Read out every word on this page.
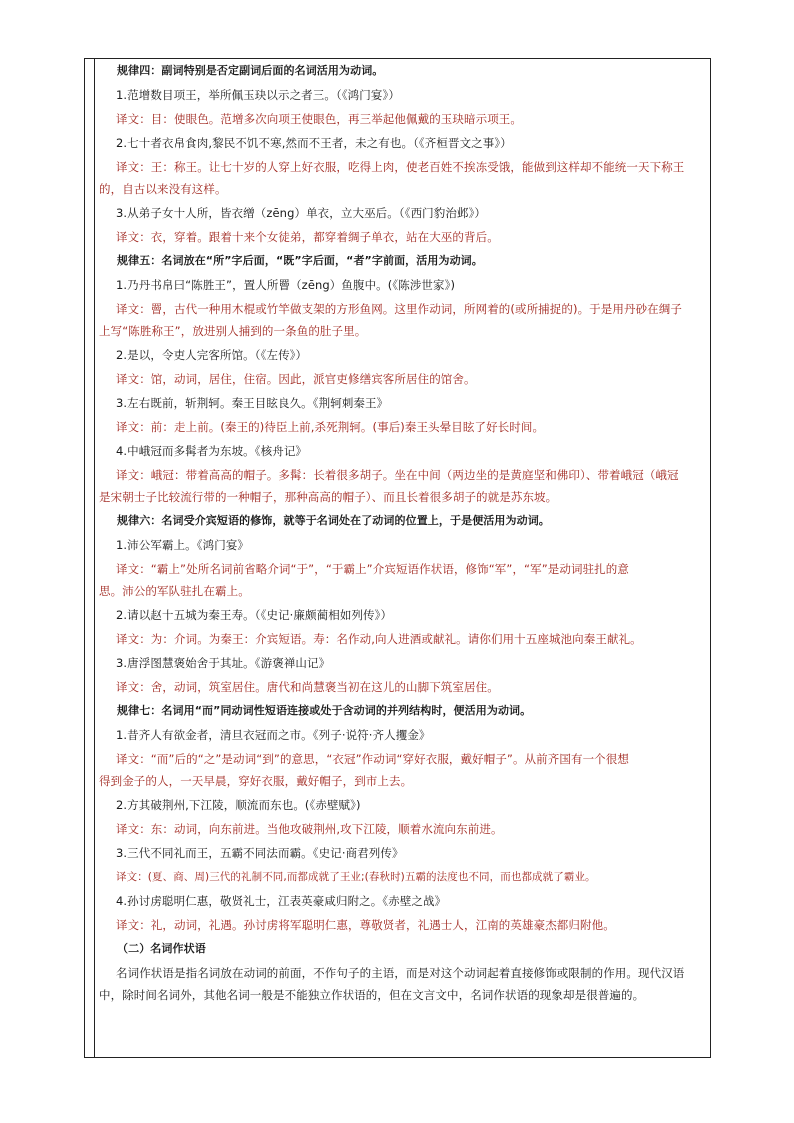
规律四：副词特别是否定副词后面的名词活用为动词。
1.范增数目项王，举所佩玉玦以示之者三。（《鸿门宴》）
译文：目：使眼色。范增多次向项王使眼色，再三举起他佩戴的玉玦暗示项王。
2.七十者衣帛食肉,黎民不饥不寒,然而不王者，未之有也。（《齐桓晋文之事》）
译文：王：称王。让七十岁的人穿上好衣服，吃得上肉，使老百姓不挨冻受饿，能做到这样却不能统一天下称王
的，自古以来没有这样。
3.从弟子女十人所，皆衣缯（zēng）单衣，立大巫后。（《西门豹治邺》）
译文：衣，穿着。跟着十来个女徒弟，都穿着绸子单衣，站在大巫的背后。
规律五：名词放在“所”字后面，“既”字后面，“者”字前面，活用为动词。
1.乃丹书帛曰“陈胜王”，置人所罾（zēng）鱼腹中。(《陈涉世家》)
译文：罾，古代一种用木棍或竹竿做支架的方形鱼网。这里作动词，所网着的(或所捕捉的)。于是用丹砂在绸子
上写“陈胜称王”，放进别人捕到的一条鱼的肚子里。
2.是以，令吏人完客所馆。（《左传》）
译文：馆，动词，居住，住宿。因此，派官吏修缮宾客所居住的馆舍。
3.左右既前，斩荆轲。秦王目眩良久。《荆轲刺秦王》
译文：前：走上前。(秦王的)待臣上前,杀死荆轲。(事后)秦王头晕目眩了好长时间。
4.中峨冠而多髯者为东坡。《核舟记》
译文：峨冠：带着高高的帽子。多髯：长着很多胡子。坐在中间（两边坐的是黄庭坚和佛印）、带着峨冠（峨冠
是宋朝士子比较流行带的一种帽子，那种高高的帽子）、而且长着很多胡子的就是苏东坡。
规律六：名词受介宾短语的修饰，就等于名词处在了动词的位置上，于是便活用为动词。
1.沛公军霸上。《鸿门宴》
译文：“霸上”处所名词前省略介词“于”，“于霸上”介宾短语作状语，修饰“军”，“军”是动词驻扎的意
思。沛公的军队驻扎在霸上。
2.请以赵十五城为秦王寿。（《史记·廉颇蔺相如列传》）
译文：为：介词。为秦王：介宾短语。寿：名作动,向人进酒或献礼。请你们用十五座城池向秦王献礼。
3.唐浮图慧褒始舍于其址。《游褒禅山记》
译文：舍，动词，筑室居住。唐代和尚慧褒当初在这儿的山脚下筑室居住。
规律七：名词用“而”同动词性短语连接或处于含动词的并列结构时，便活用为动词。
1.昔齐人有欲金者，清旦衣冠而之市。《列子·说符·齐人攫金》
译文：“而”后的“之”是动词“到”的意思，“衣冠”作动词“穿好衣服，戴好帽子”。从前齐国有一个很想
得到金子的人，一天早晨，穿好衣服，戴好帽子，到市上去。
2.方其破荆州,下江陵，顺流而东也。(《赤壁赋》)
译文：东：动词，向东前进。当他攻破荆州,攻下江陵，顺着水流向东前进。
3.三代不同礼而王，五霸不同法而霸。《史记·商君列传》
译文：(夏、商、周)三代的礼制不同,而都成就了王业;(春秋时)五霸的法度也不同，而也都成就了霸业。
4.孙讨虏聪明仁惠，敬贤礼士，江表英豪咸归附之。《赤壁之战》
译文：礼，动词，礼遇。孙讨虏将军聪明仁惠，尊敬贤者，礼遇士人，江南的英雄豪杰都归附他。
（二）名词作状语
名词作状语是指名词放在动词的前面，不作句子的主语，而是对这个动词起着直接修饰或限制的作用。现代汉语
中，除时间名词外，其他名词一般是不能独立作状语的，但在文言文中，名词作状语的现象却是很普遍的。
